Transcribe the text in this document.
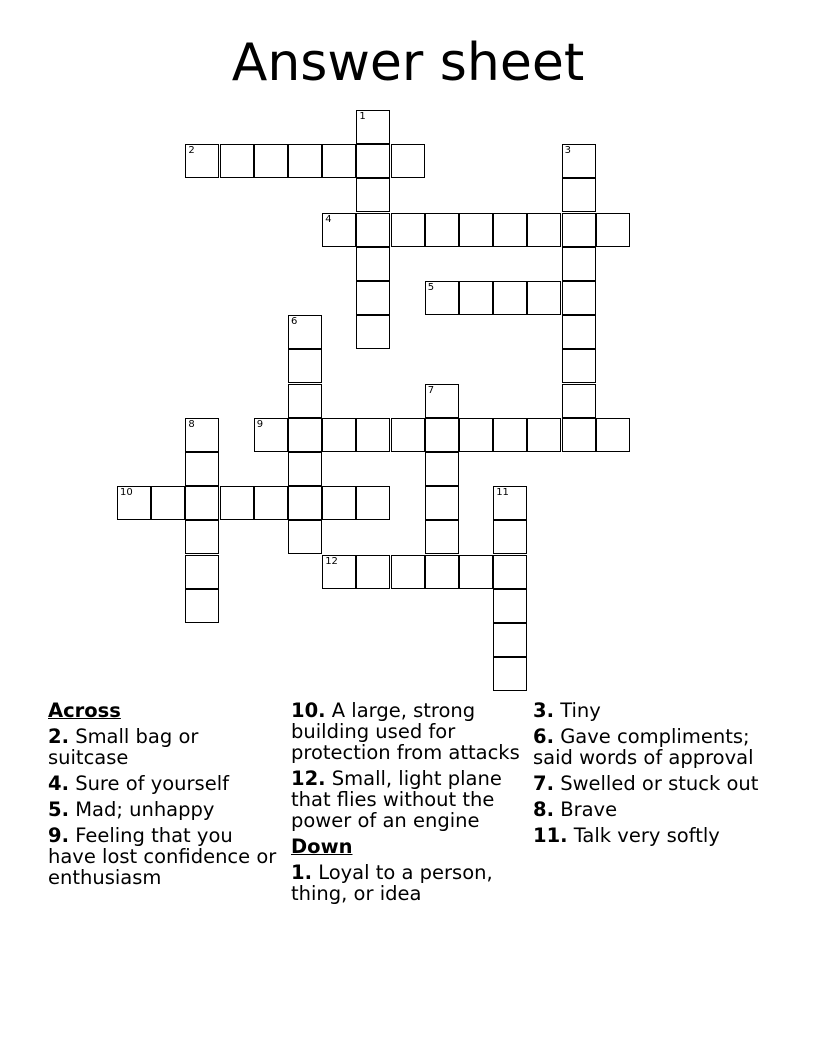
Answer sheet
1
2	3
4
5
6
7
8	9
10	11
12
Across
2. Small bag or suitcase
4. Sure of yourself
5. Mad; unhappy
9. Feeling that you have lost confidence or enthusiasm
10. A large, strong building used for protection from attacks
12. Small, light plane that flies without the power of an engine
Down
1. Loyal to a person, thing, or idea
3. Tiny
6. Gave compliments; said words of approval
7. Swelled or stuck out
8. Brave
11. Talk very softly
